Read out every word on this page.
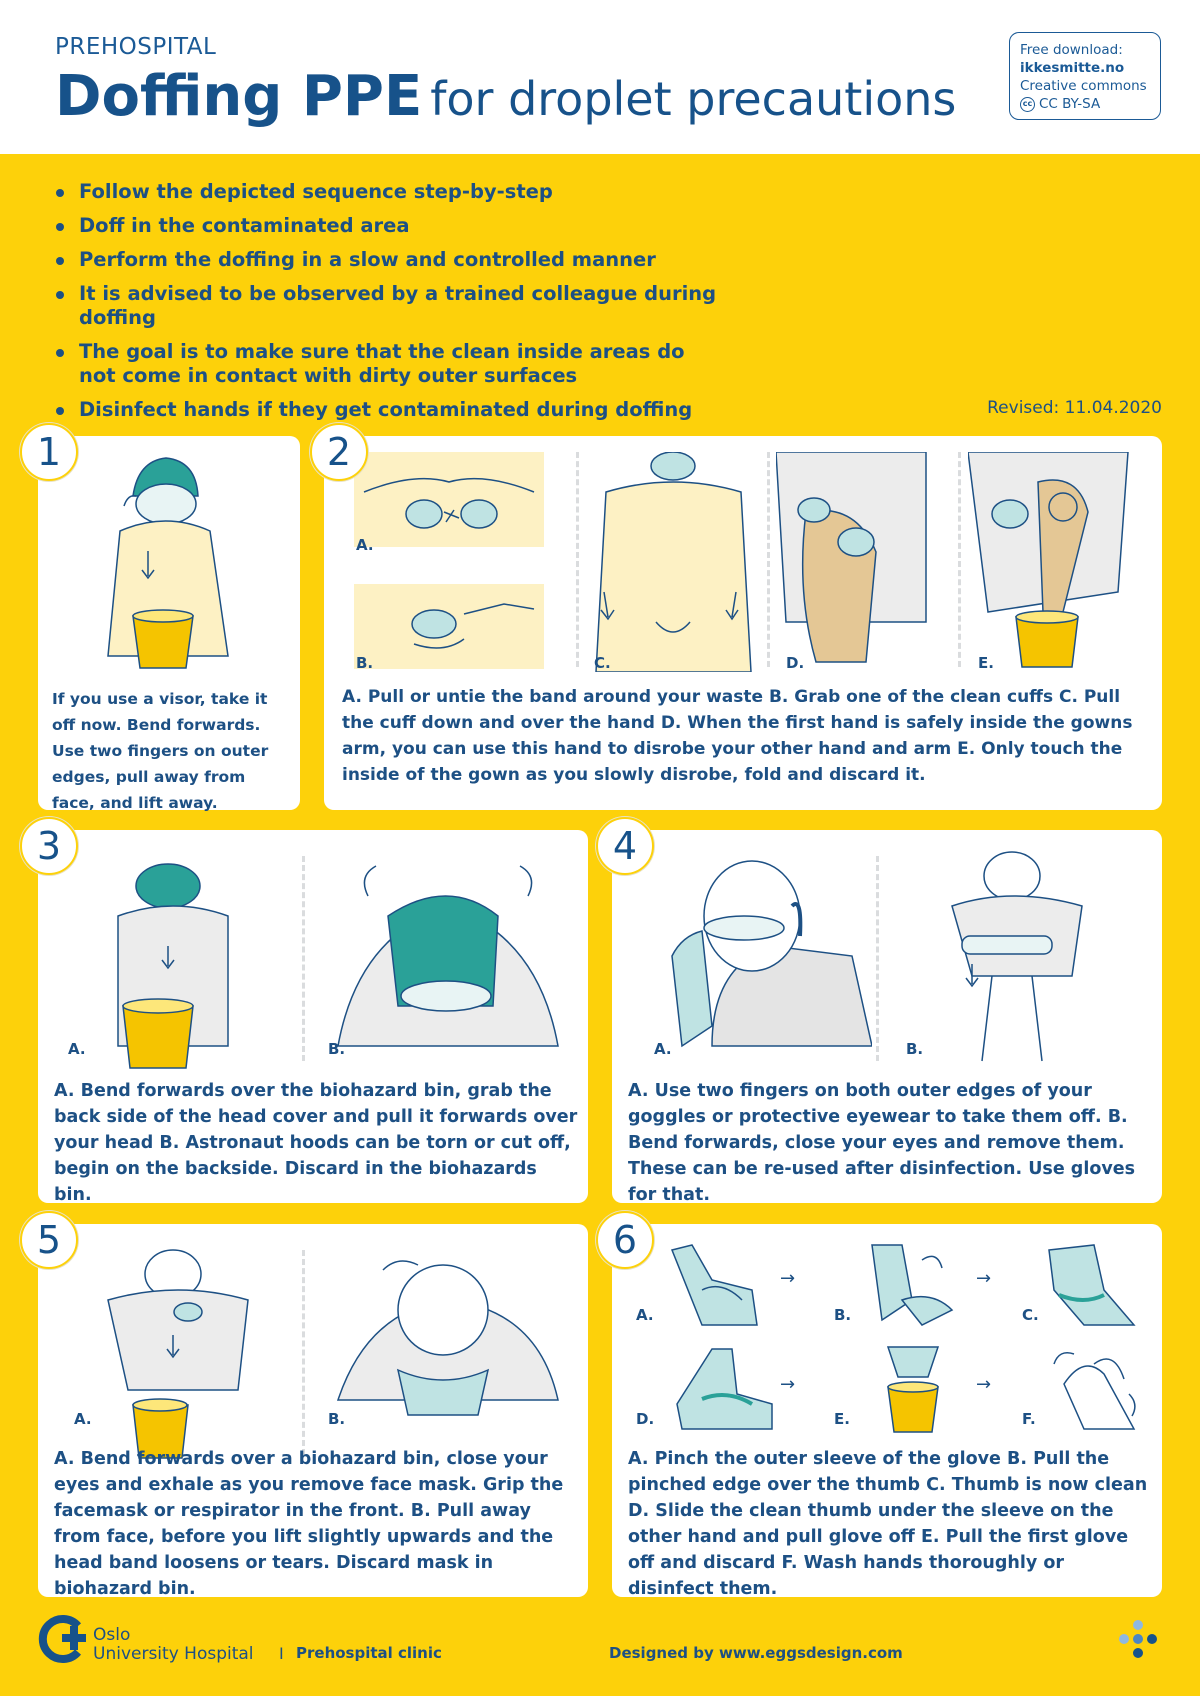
PREHOSPITAL
Doffing PPE for droplet precautions
Free download:
ikkesmitte.no
Creative commons
cc CC BY-SA
Follow the depicted sequence step-by-step
Doff in the contaminated area
Perform the doffing in a slow and controlled manner
It is advised to be observed by a trained colleague during doffing
The goal is to make sure that the clean inside areas do not come in contact with dirty outer surfaces
Disinfect hands if they get contaminated during doffing	Revised: 11.04.2020
If you use a visor, take it off now. Bend forwards. Use two fingers on outer edges, pull away from face, and lift away.
1
A.
B.	C.	D.	E.
A. Pull or untie the band around your waste B. Grab one of the clean cuffs C. Pull the cuff down and over the hand D. When the first hand is safely inside the gowns arm, you can use this hand to disrobe your other hand and arm E. Only touch the inside of the gown as you slowly disrobe, fold and discard it.
2
A.	B.
A. Bend forwards over the biohazard bin, grab the back side of the head cover and pull it forwards over your head B. Astronaut hoods can be torn or cut off, begin on the backside. Discard in the biohazards bin.
3
A.	B.
A. Use two fingers on both outer edges of your goggles or protective eyewear to take them off. B. Bend forwards, close your eyes and remove them. These can be re-used after disinfection. Use gloves for that.
4
A.	B.
A. Bend forwards over a biohazard bin, close your eyes and exhale as you remove face mask. Grip the facemask or respirator in the front. B. Pull away from face, before you lift slightly upwards and the head band loosens or tears. Discard mask in biohazard bin.
5
A.
→
B.
→
C.
D.
→
E.
→
F.
A. Pinch the outer sleeve of the glove B. Pull the pinched edge over the thumb C. Thumb is now clean D. Slide the clean thumb under the sleeve on the other hand and pull glove off E. Pull the first glove off and discard F. Wash hands thoroughly or disinfect them.
6
Oslo
University Hospital I Prehospital clinic	Designed by www.eggsdesign.com
